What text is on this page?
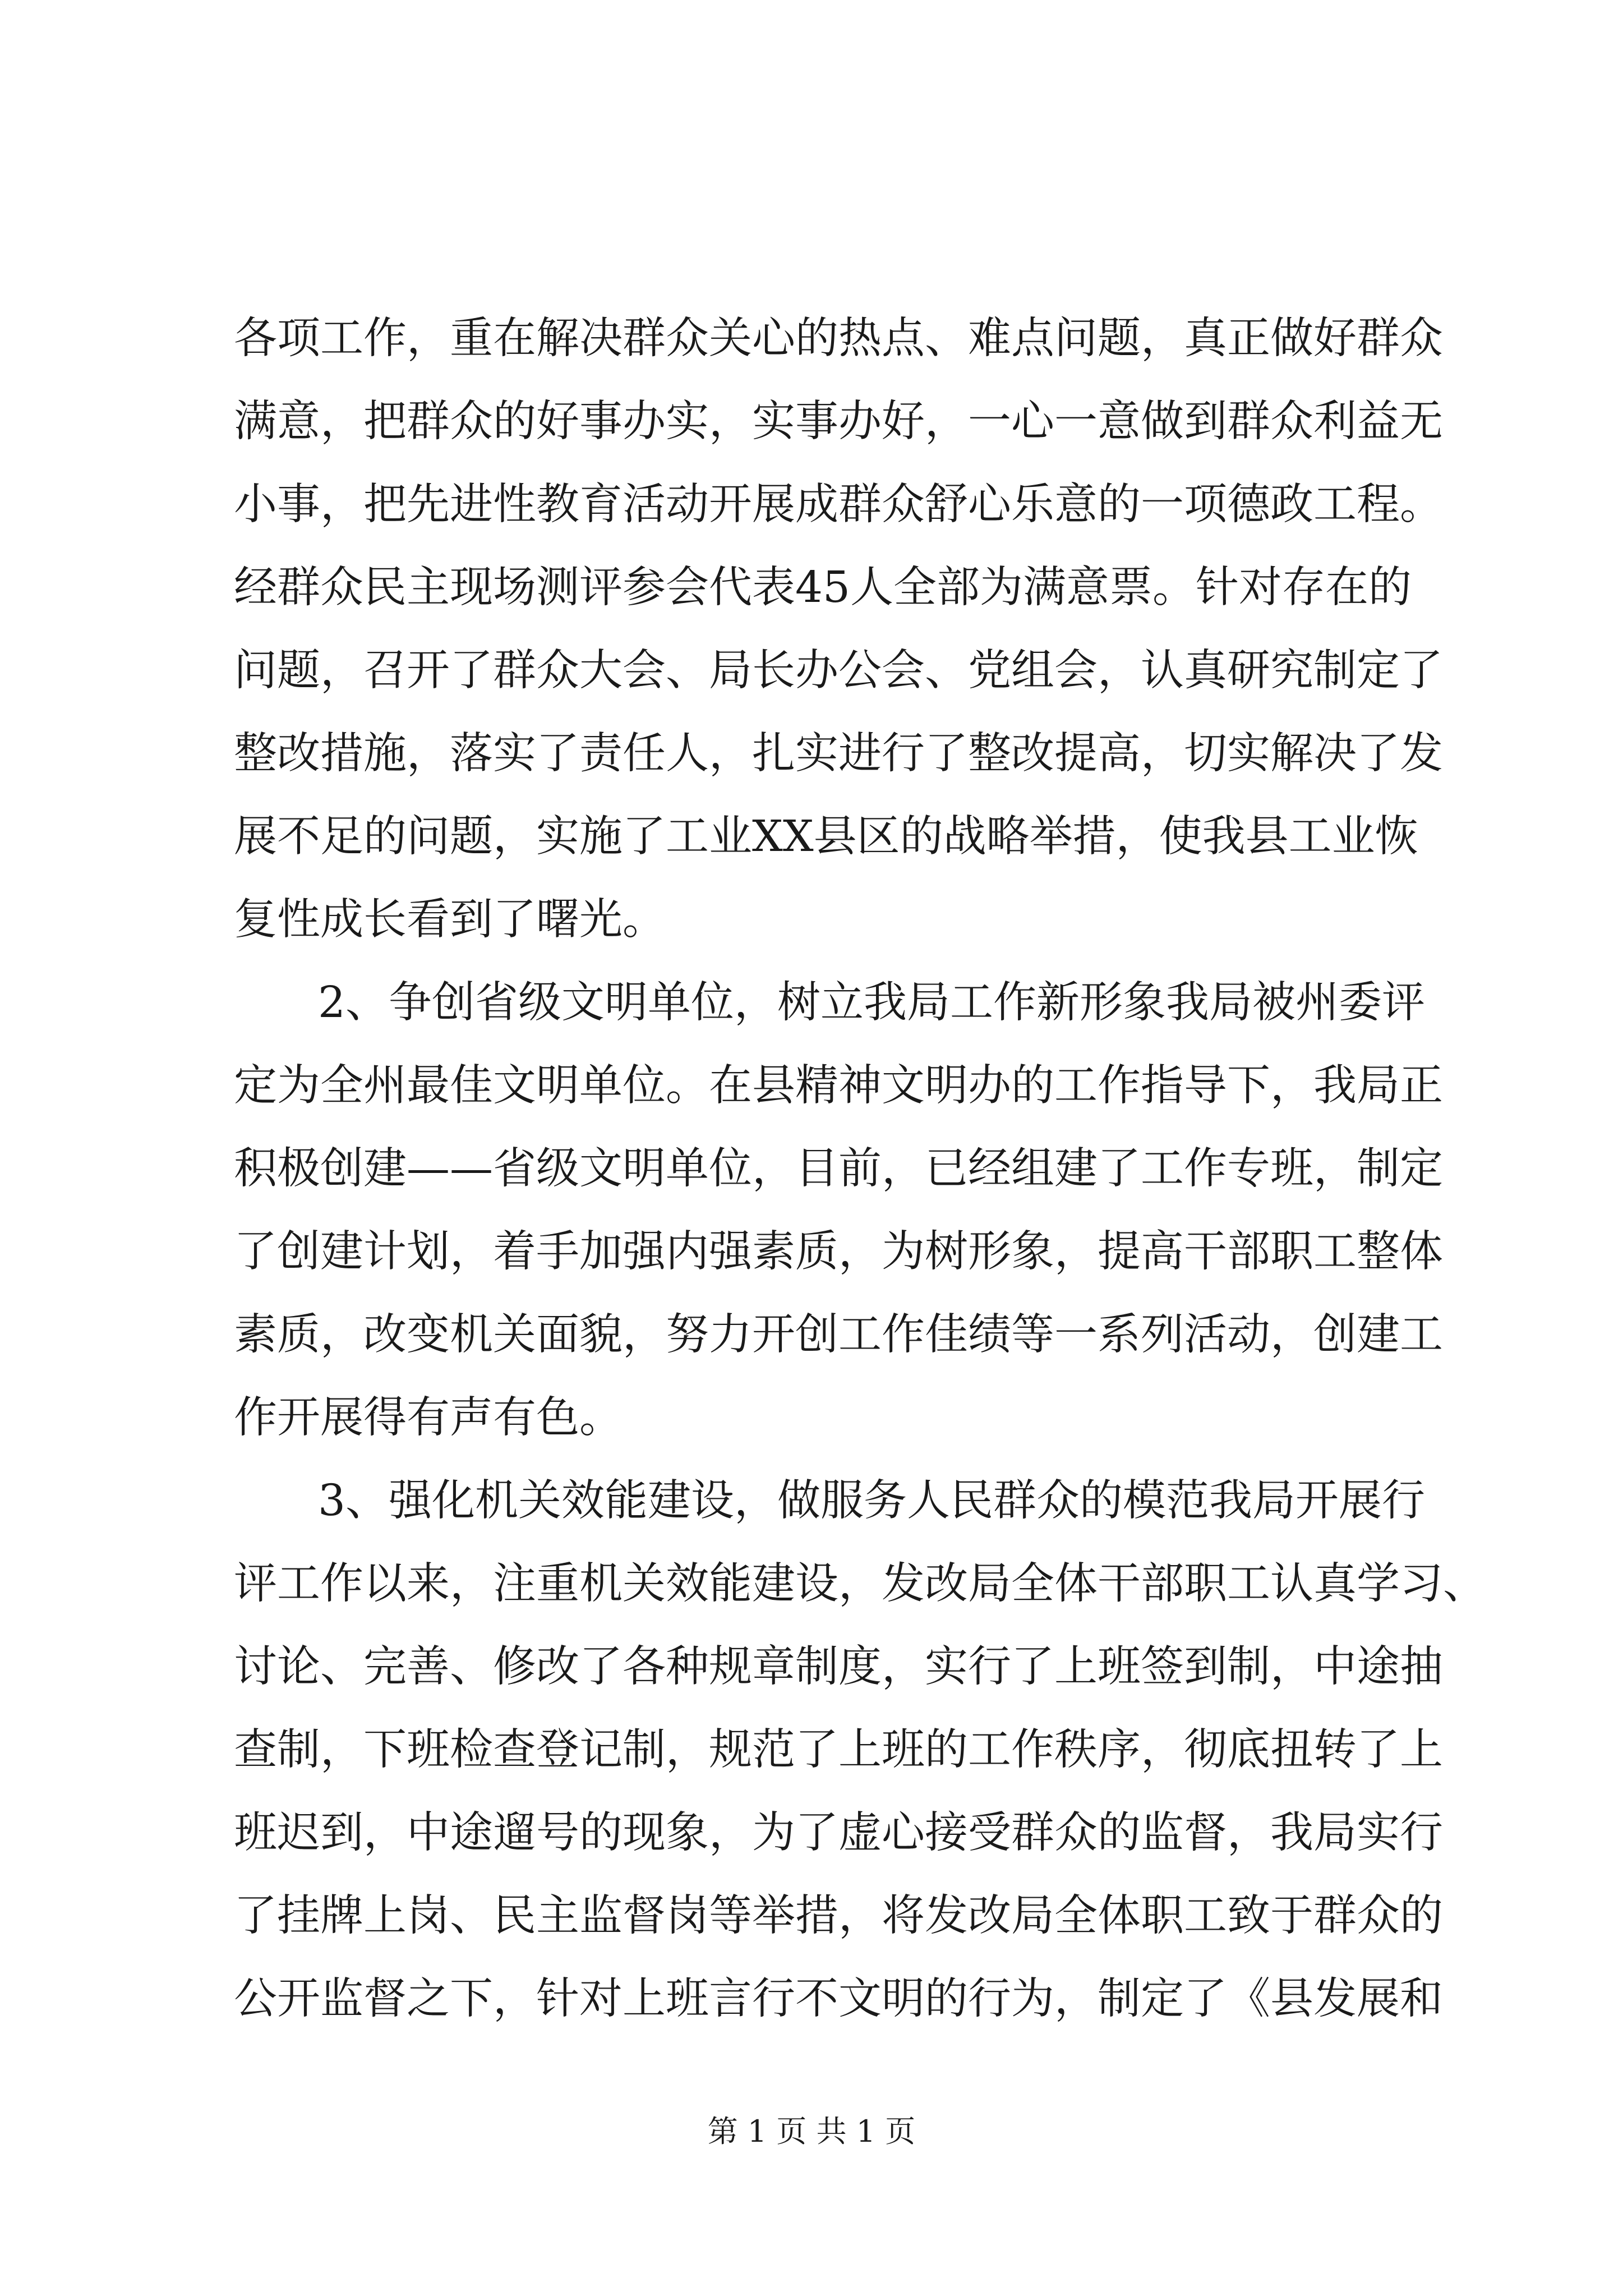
各项工作，重在解决群众关心的热点、难点问题，真正做好群众
满意，把群众的好事办实，实事办好，一心一意做到群众利益无
小事，把先进性教育活动开展成群众舒心乐意的一项德政工程。
经群众民主现场测评参会代表45人全部为满意票。针对存在的
问题，召开了群众大会、局长办公会、党组会，认真研究制定了
整改措施，落实了责任人，扎实进行了整改提高，切实解决了发
展不足的问题，实施了工业XX县区的战略举措，使我县工业恢
复性成长看到了曙光。
2、争创省级文明单位，树立我局工作新形象我局被州委评
定为全州最佳文明单位。在县精神文明办的工作指导下，我局正
积极创建——省级文明单位，目前，已经组建了工作专班，制定
了创建计划，着手加强内强素质，为树形象，提高干部职工整体
素质，改变机关面貌，努力开创工作佳绩等一系列活动，创建工
作开展得有声有色。
3、强化机关效能建设，做服务人民群众的模范我局开展行
评工作以来，注重机关效能建设，发改局全体干部职工认真学习、
讨论、完善、修改了各种规章制度，实行了上班签到制，中途抽
查制，下班检查登记制，规范了上班的工作秩序，彻底扭转了上
班迟到，中途遛号的现象，为了虚心接受群众的监督，我局实行
了挂牌上岗、民主监督岗等举措，将发改局全体职工致于群众的
公开监督之下，针对上班言行不文明的行为，制定了《县发展和
第 1 页 共 1 页
